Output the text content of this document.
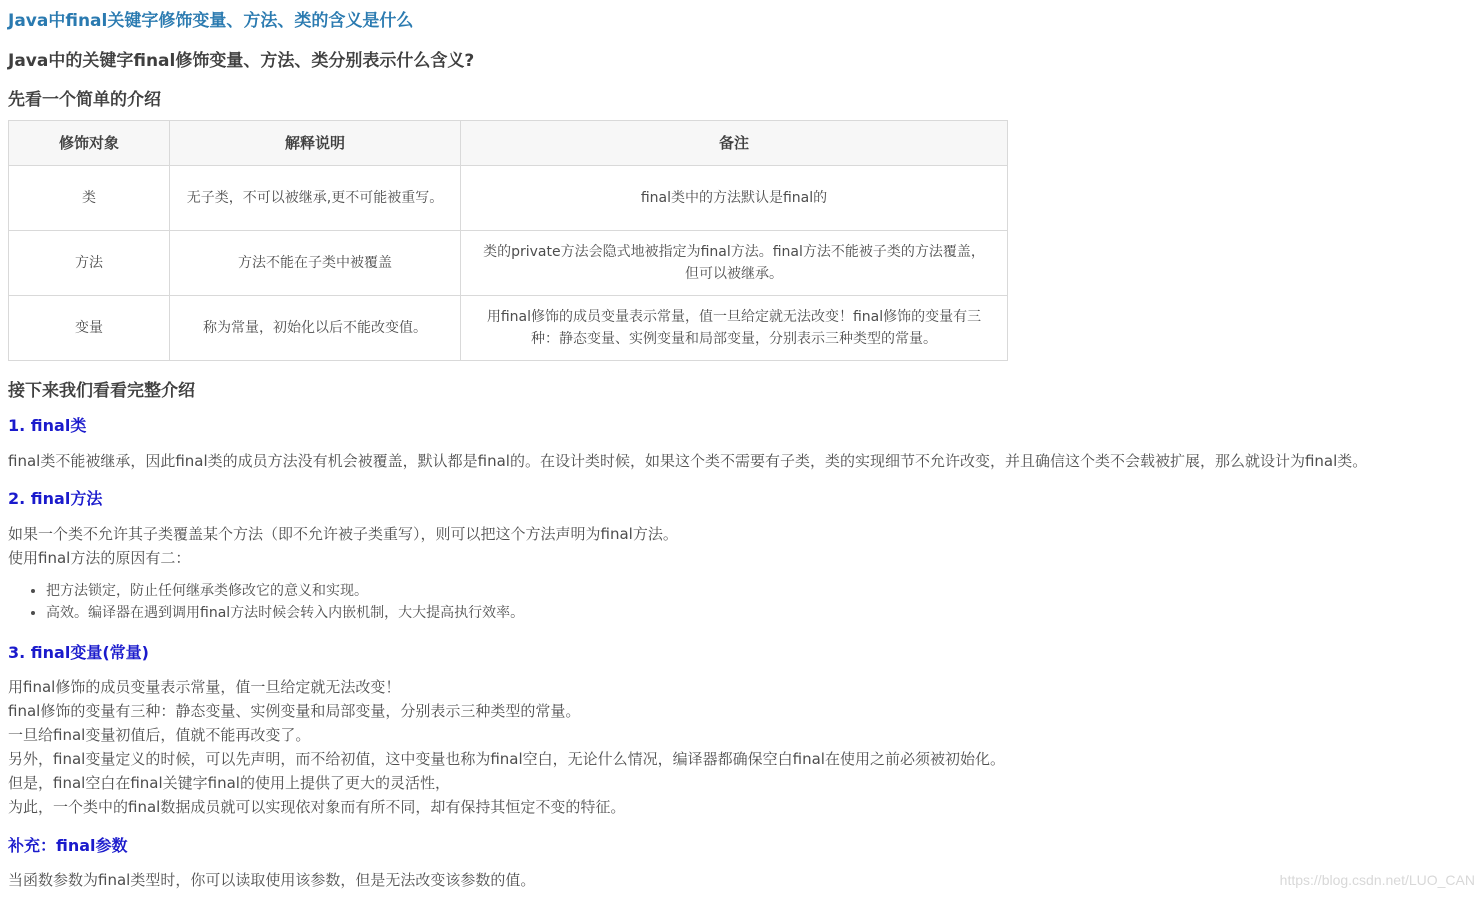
Java中final关键字修饰变量、方法、类的含义是什么
Java中的关键字final修饰变量、方法、类分别表示什么含义?
先看一个简单的介绍
修饰对象	解释说明	备注
类	无子类，不可以被继承,更不可能被重写。	final类中的方法默认是final的
方法	方法不能在子类中被覆盖	类的private方法会隐式地被指定为final方法。final方法不能被子类的方法覆盖，但可以被继承。
变量	称为常量，初始化以后不能改变值。	用final修饰的成员变量表示常量，值一旦给定就无法改变！final修饰的变量有三种：静态变量、实例变量和局部变量，分别表示三种类型的常量。
接下来我们看看完整介绍
1. final类
final类不能被继承，因此final类的成员方法没有机会被覆盖，默认都是final的。在设计类时候，如果这个类不需要有子类，类的实现细节不允许改变，并且确信这个类不会载被扩展，那么就设计为final类。
2. final方法
如果一个类不允许其子类覆盖某个方法（即不允许被子类重写），则可以把这个方法声明为final方法。
使用final方法的原因有二：
• 把方法锁定，防止任何继承类修改它的意义和实现。
• 高效。编译器在遇到调用final方法时候会转入内嵌机制，大大提高执行效率。
3. final变量(常量)
用final修饰的成员变量表示常量，值一旦给定就无法改变！
final修饰的变量有三种：静态变量、实例变量和局部变量，分别表示三种类型的常量。
一旦给final变量初值后，值就不能再改变了。
另外，final变量定义的时候，可以先声明，而不给初值，这中变量也称为final空白，无论什么情况，编译器都确保空白final在使用之前必须被初始化。
但是，final空白在final关键字final的使用上提供了更大的灵活性，
为此，一个类中的final数据成员就可以实现依对象而有所不同，却有保持其恒定不变的特征。
补充：final参数
当函数参数为final类型时，你可以读取使用该参数，但是无法改变该参数的值。	https://blog.csdn.net/LUO_CAN
